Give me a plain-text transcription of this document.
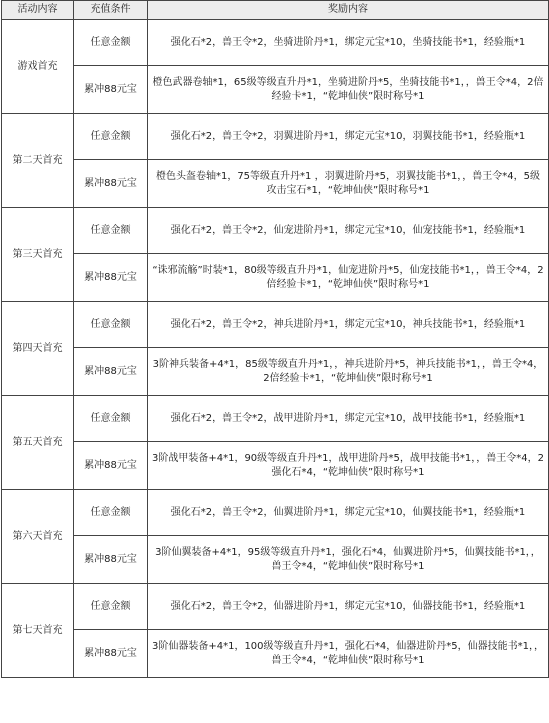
活动内容	充值条件	奖励内容
游戏首充	任意金额	强化石*2，兽王令*2，坐骑进阶丹*1，绑定元宝*10，坐骑技能书*1，经验瓶*1
	累冲88元宝	橙色武器卷轴*1，65级等级直升丹*1，坐骑进阶丹*5，坐骑技能书*1，，兽王令*4，2倍经验卡*1，“乾坤仙侠”限时称号*1
第二天首充	任意金额	强化石*2，兽王令*2，羽翼进阶丹*1，绑定元宝*10，羽翼技能书*1，经验瓶*1
	累冲88元宝	橙色头盔卷轴*1，75等级直升丹*1 ，羽翼进阶丹*5，羽翼技能书*1，，兽王令*4，5级攻击宝石*1，“乾坤仙侠”限时称号*1
第三天首充	任意金额	强化石*2，兽王令*2，仙宠进阶丹*1，绑定元宝*10，仙宠技能书*1，经验瓶*1
	累冲88元宝	“诛邪流觞”时装*1，80级等级直升丹*1，仙宠进阶丹*5，仙宠技能书*1，，兽王令*4，2倍经验卡*1，“乾坤仙侠”限时称号*1
第四天首充	任意金额	强化石*2，兽王令*2，神兵进阶丹*1，绑定元宝*10，神兵技能书*1，经验瓶*1
	累冲88元宝	3阶神兵装备+4*1，85级等级直升丹*1，，神兵进阶丹*5，神兵技能书*1，，兽王令*4，2倍经验卡*1，“乾坤仙侠”限时称号*1
第五天首充	任意金额	强化石*2，兽王令*2，战甲进阶丹*1，绑定元宝*10，战甲技能书*1，经验瓶*1
	累冲88元宝	3阶战甲装备+4*1，90级等级直升丹*1，战甲进阶丹*5，战甲技能书*1，，兽王令*4，2强化石*4，“乾坤仙侠”限时称号*1
第六天首充	任意金额	强化石*2，兽王令*2，仙翼进阶丹*1，绑定元宝*10，仙翼技能书*1，经验瓶*1
	累冲88元宝	3阶仙翼装备+4*1，95级等级直升丹*1，强化石*4，仙翼进阶丹*5，仙翼技能书*1，，兽王令*4，“乾坤仙侠”限时称号*1
第七天首充	任意金额	强化石*2，兽王令*2，仙器进阶丹*1，绑定元宝*10，仙器技能书*1，经验瓶*1
	累冲88元宝	3阶仙器装备+4*1，100级等级直升丹*1，强化石*4，仙器进阶丹*5，仙器技能书*1，，兽王令*4，“乾坤仙侠”限时称号*1
